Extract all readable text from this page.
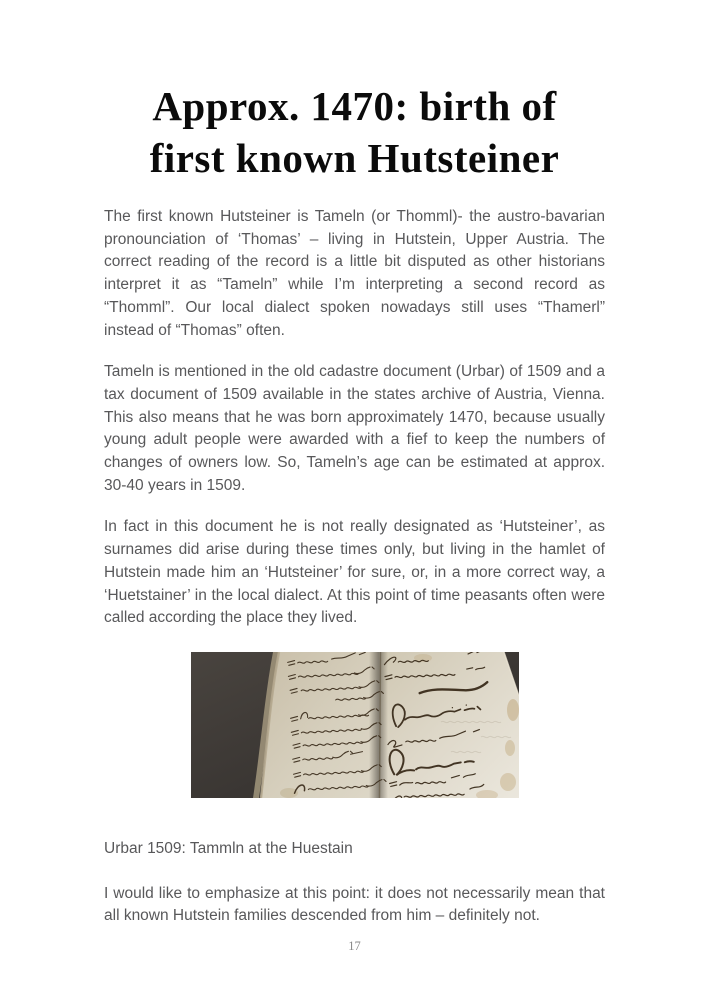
Approx. 1470: birth of
first known Hutsteiner

The first known Hutsteiner is Tameln (or Thomml)- the austro-bavarian pronounciation of ‘Thomas’ – living in Hutstein, Upper Austria. The correct reading of the record is a little bit disputed as other historians interpret it as “Tameln” while I’m interpreting a second record as “Thomml”. Our local dialect spoken nowadays still uses “Thamerl” instead of “Thomas” often.

Tameln is mentioned in the old cadastre document (Urbar) of 1509 and a tax document of 1509 available in the states archive of Austria, Vienna. This also means that he was born approximately 1470, because usually young adult people were awarded with a fief to keep the numbers of changes of owners low. So, Tameln’s age can be estimated at approx. 30-40 years in 1509.

In fact in this document he is not really designated as ‘Hutsteiner’, as surnames did arise during these times only, but living in the hamlet of Hutstein made him an ‘Hutsteiner’ for sure, or, in a more correct way, a ‘Huetstainer’ in the local dialect. At this point of time peasants often were called according the place they lived.

Urbar 1509: Tammln at the Huestain

I would like to emphasize at this point: it does not necessarily mean that all known Hutstein families descended from him – definitely not.

17
